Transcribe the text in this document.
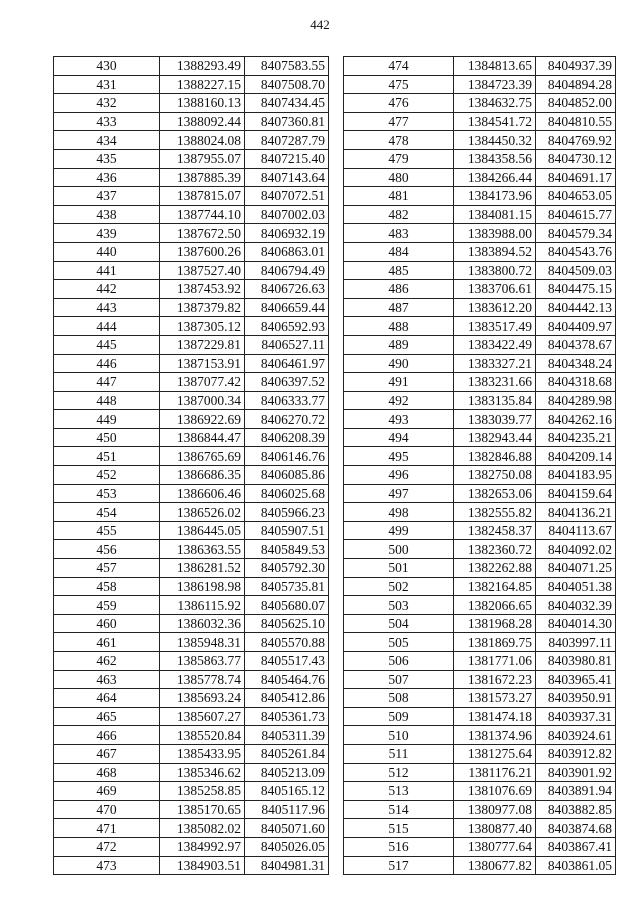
442
430	1388293.49	8407583.55
431	1388227.15	8407508.70
432	1388160.13	8407434.45
433	1388092.44	8407360.81
434	1388024.08	8407287.79
435	1387955.07	8407215.40
436	1387885.39	8407143.64
437	1387815.07	8407072.51
438	1387744.10	8407002.03
439	1387672.50	8406932.19
440	1387600.26	8406863.01
441	1387527.40	8406794.49
442	1387453.92	8406726.63
443	1387379.82	8406659.44
444	1387305.12	8406592.93
445	1387229.81	8406527.11
446	1387153.91	8406461.97
447	1387077.42	8406397.52
448	1387000.34	8406333.77
449	1386922.69	8406270.72
450	1386844.47	8406208.39
451	1386765.69	8406146.76
452	1386686.35	8406085.86
453	1386606.46	8406025.68
454	1386526.02	8405966.23
455	1386445.05	8405907.51
456	1386363.55	8405849.53
457	1386281.52	8405792.30
458	1386198.98	8405735.81
459	1386115.92	8405680.07
460	1386032.36	8405625.10
461	1385948.31	8405570.88
462	1385863.77	8405517.43
463	1385778.74	8405464.76
464	1385693.24	8405412.86
465	1385607.27	8405361.73
466	1385520.84	8405311.39
467	1385433.95	8405261.84
468	1385346.62	8405213.09
469	1385258.85	8405165.12
470	1385170.65	8405117.96
471	1385082.02	8405071.60
472	1384992.97	8405026.05
473	1384903.51	8404981.31
474	1384813.65	8404937.39
475	1384723.39	8404894.28
476	1384632.75	8404852.00
477	1384541.72	8404810.55
478	1384450.32	8404769.92
479	1384358.56	8404730.12
480	1384266.44	8404691.17
481	1384173.96	8404653.05
482	1384081.15	8404615.77
483	1383988.00	8404579.34
484	1383894.52	8404543.76
485	1383800.72	8404509.03
486	1383706.61	8404475.15
487	1383612.20	8404442.13
488	1383517.49	8404409.97
489	1383422.49	8404378.67
490	1383327.21	8404348.24
491	1383231.66	8404318.68
492	1383135.84	8404289.98
493	1383039.77	8404262.16
494	1382943.44	8404235.21
495	1382846.88	8404209.14
496	1382750.08	8404183.95
497	1382653.06	8404159.64
498	1382555.82	8404136.21
499	1382458.37	8404113.67
500	1382360.72	8404092.02
501	1382262.88	8404071.25
502	1382164.85	8404051.38
503	1382066.65	8404032.39
504	1381968.28	8404014.30
505	1381869.75	8403997.11
506	1381771.06	8403980.81
507	1381672.23	8403965.41
508	1381573.27	8403950.91
509	1381474.18	8403937.31
510	1381374.96	8403924.61
511	1381275.64	8403912.82
512	1381176.21	8403901.92
513	1381076.69	8403891.94
514	1380977.08	8403882.85
515	1380877.40	8403874.68
516	1380777.64	8403867.41
517	1380677.82	8403861.05
